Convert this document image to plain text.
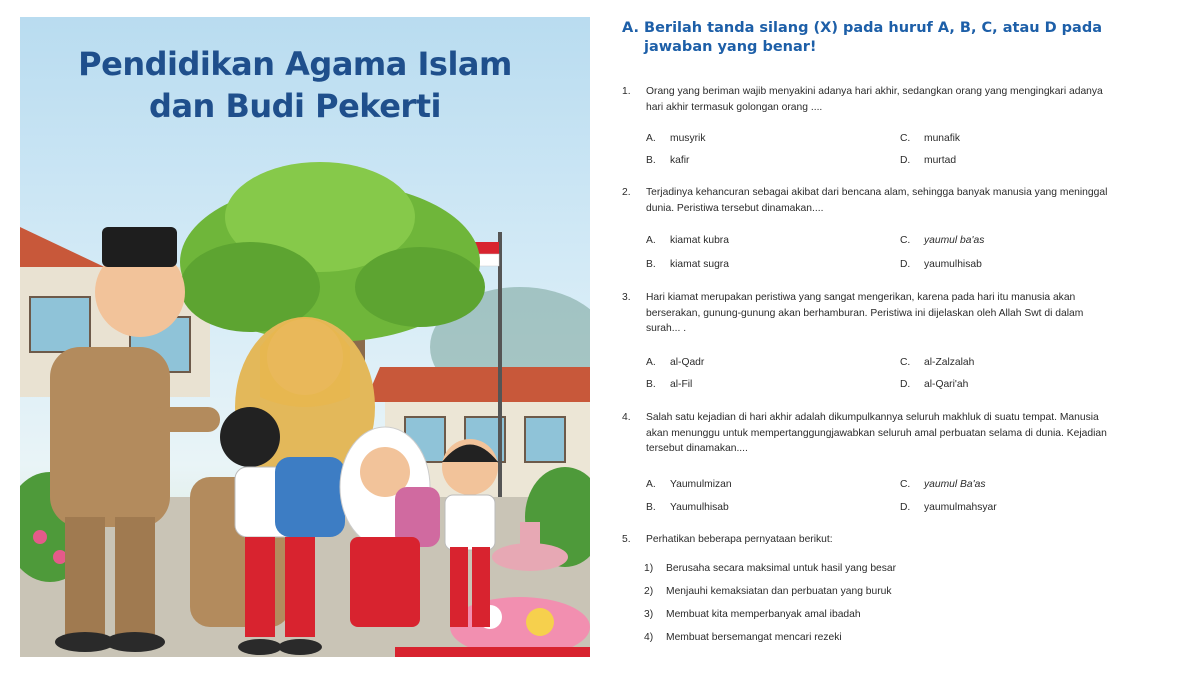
Pendidikan Agama Islam
dan Budi Pekerti
A. Berilah tanda silang (X) pada huruf A, B, C, atau D pada
jawaban yang benar!
1.	Orang yang beriman wajib menyakini adanya hari akhir, sedangkan orang yang mengingkari adanya hari akhir termasuk golongan orang ....
A. musyrik	C. munafik
B. kafir	D. murtad
2.	Terjadinya kehancuran sebagai akibat dari bencana alam, sehingga banyak manusia yang meninggal dunia. Peristiwa tersebut dinamakan....
A. kiamat kubra	C. yaumul ba'as
B. kiamat sugra	D. yaumulhisab
3.	Hari kiamat merupakan peristiwa yang sangat mengerikan, karena pada hari itu manusia akan berserakan, gunung-gunung akan berhamburan. Peristiwa ini dijelaskan oleh Allah Swt di dalam surah... .
A. al-Qadr	C. al-Zalzalah
B. al-Fil	D. al-Qari'ah
4.	Salah satu kejadian di hari akhir adalah dikumpulkannya seluruh makhluk di suatu tempat. Manusia akan menunggu untuk mempertanggungjawabkan seluruh amal perbuatan selama di dunia. Kejadian tersebut dinamakan....
A. Yaumulmizan	C. yaumul Ba'as
B. Yaumulhisab	D. yaumulmahsyar
5.	Perhatikan beberapa pernyataan berikut:
1) Berusaha secara maksimal untuk hasil yang besar
2) Menjauhi kemaksiatan dan perbuatan yang buruk
3) Membuat kita memperbanyak amal ibadah
4) Membuat bersemangat mencari rezeki
